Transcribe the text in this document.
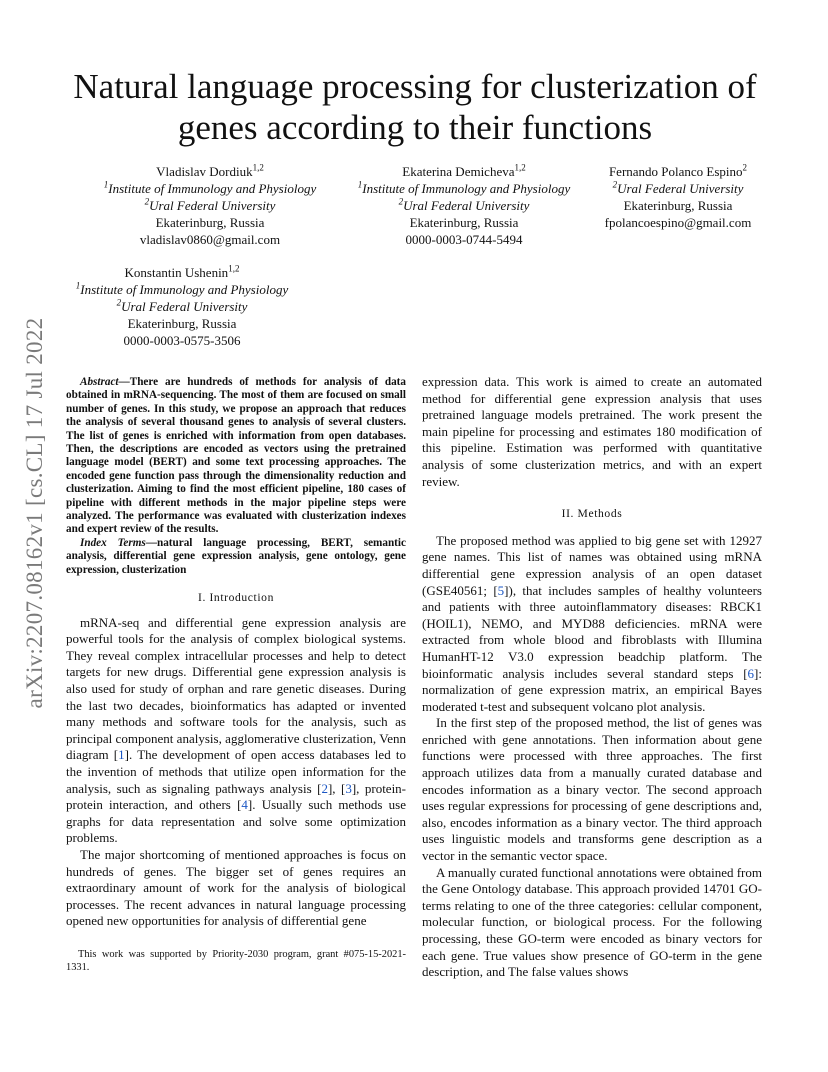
arXiv:2207.08162v1 [cs.CL] 17 Jul 2022
Natural language processing for clusterization of genes according to their functions
Vladislav Dordiuk$^{1,2}$
$^1$Institute of Immunology and Physiology
$^2$Ural Federal University
Ekaterinburg, Russia
vladislav0860@gmail.com
Ekaterina Demicheva$^{1,2}$
$^1$Institute of Immunology and Physiology
$^2$Ural Federal University
Ekaterinburg, Russia
0000-0003-0744-5494
Fernando Polanco Espino$^2$
$^2$Ural Federal University
Ekaterinburg, Russia
fpolancoespino@gmail.com
Konstantin Ushenin$^{1,2}$
$^1$Institute of Immunology and Physiology
$^2$Ural Federal University
Ekaterinburg, Russia
0000-0003-0575-3506

Abstract—There are hundreds of methods for analysis of data obtained in mRNA-sequencing. The most of them are focused on small number of genes. In this study, we propose an approach that reduces the analysis of several thousand genes to analysis of several clusters. The list of genes is enriched with information from open databases. Then, the descriptions are encoded as vectors using the pretrained language model (BERT) and some text processing approaches. The encoded gene function pass through the dimensionality reduction and clusterization. Aiming to find the most efficient pipeline, 180 cases of pipeline with different methods in the major pipeline steps were analyzed. The performance was evaluated with clusterization indexes and expert review of the results.

Index Terms—natural language processing, BERT, semantic analysis, differential gene expression analysis, gene ontology, gene expression, clusterization

I. Introduction

mRNA-seq and differential gene expression analysis are powerful tools for the analysis of complex biological systems. They reveal complex intracellular processes and help to detect targets for new drugs. Differential gene expression analysis is also used for study of orphan and rare genetic diseases. During the last two decades, bioinformatics has adapted or invented many methods and software tools for the analysis, such as principal component analysis, agglomerative clusterization, Venn diagram [ 1 ] . The development of open access databases led to the invention of methods that utilize open information for the analysis, such as signaling pathways analysis [ 2 ] , [ 3 ] , protein-protein interaction, and others [ 4 ] . Usually such methods use graphs for data representation and solve some optimization problems.

The major shortcoming of mentioned approaches is focus on hundreds of genes. The bigger set of genes requires an extraordinary amount of work for the analysis of biological processes. The recent advances in natural language processing opened new opportunities for analysis of differential gene

This work was supported by Priority-2030 program, grant #075-15-2021-1331.

expression data. This work is aimed to create an automated method for differential gene expression analysis that uses pretrained language models pretrained. The work present the main pipeline for processing and estimates 180 modification of this pipeline. Estimation was performed with quantitative analysis of some clusterization metrics, and with an expert review.

II. Methods

The proposed method was applied to big gene set with 12927 gene names. This list of names was obtained using mRNA differential gene expression analysis of an open dataset (GSE40561; [ 5 ] ), that includes samples of healthy volunteers and patients with three autoinflammatory diseases: RBCK1 (HOIL1), NEMO, and MYD88 deficiencies. mRNA were extracted from whole blood and fibroblasts with Illumina HumanHT-12 V3.0 expression beadchip platform. The bioinformatic analysis includes several standard steps [ 6 ] : normalization of gene expression matrix, an empirical Bayes moderated t-test and subsequent volcano plot analysis.

In the first step of the proposed method, the list of genes was enriched with gene annotations. Then information about gene functions were processed with three approaches. The first approach utilizes data from a manually curated database and encodes information as a binary vector. The second approach uses regular expressions for processing of gene descriptions and, also, encodes information as a binary vector. The third approach uses linguistic models and transforms gene description as a vector in the semantic vector space.

A manually curated functional annotations were obtained from the Gene Ontology database. This approach provided 14701 GO-terms relating to one of the three categories: cellular component, molecular function, or biological process. For the following processing, these GO-term were encoded as binary vectors for each gene. True values show presence of GO-term in the gene description, and The false values shows
